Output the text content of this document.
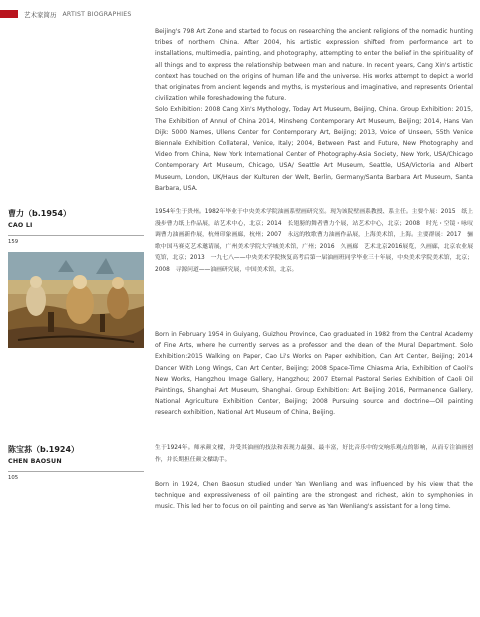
艺术家简历 ARTIST BIOGRAPHIES

Beijing's 798 Art Zone and started to focus on researching the ancient religions of the nomadic hunting tribes of northern China. After 2004, his artistic expression shifted from performance art to installations, multimedia, painting, and photography, attempting to enter the belief in the spirituality of all things and to express the relationship between man and nature. In recent years, Cang Xin's artistic context has touched on the origins of human life and the universe. His works attempt to depict a world that originates from ancient legends and myths, is mysterious and imaginative, and represents Oriental civilization while foreshadowing the future.

Solo Exhibition: 2008 Cang Xin's Mythology, Today Art Museum, Beijing, China. Group Exhibition: 2015, The Exhibition of Annul of China 2014, Minsheng Contemporary Art Museum, Beijing; 2014, Hans Van Dijk: 5000 Names, Ullens Center for Contemporary Art, Beijing; 2013, Voice of Unseen, 55th Venice Biennale Exhibition Collateral, Venice, Italy; 2004, Between Past and Future, New Photography and Video from China, New York International Center of Photography-Asia Society, New York, USA/Chicago Contemporary Art Museum, Chicago, USA/ Seattle Art Museum, Seattle, USA/Victoria and Albert Museum, London, UK/Haus der Kulturen der Welt, Berlin, Germany/Santa Barbara Art Museum, Santa Barbara, USA.

曹力（b.1954）
CAO LI
159

1954年生于贵州。1982年毕业于中央美术学院油画系壁画研究室。现为该院壁画系教授、系主任。主要个展：2015　纸上漫步曹力纸上作品展，站艺术中心，北京；2014　长翅膀的舞者曹力个展，站艺术中心，北京；2008　时光・空镜・咏叹调曹力油画新作展，杭州印象画廊，杭州；2007　永远的牧歌曹力油画作品展，上海美术馆，上海。主要群展：2017　骊歌中国马赛克艺术邀请展，广州美术学院大学城美术馆，广州；2016　久画廊　艺术北京2016展览，久画廊，北京农业展览馆，北京；2013　一九七八——中央美术学院恢复高考后第一届油画班同学毕业三十年展，中央美术学院美术馆，北京；2008　寻源问道——油画研究展，中国美术馆，北京。

Born in February 1954 in Guiyang, Guizhou Province, Cao graduated in 1982 from the Central Academy of Fine Arts, where he currently serves as a professor and the dean of the Mural Department. Solo Exhibition:2015 Walking on Paper, Cao Li's Works on Paper exhibition, Can Art Center, Beijing; 2014 Dancer With Long Wings, Can Art Center, Beijing; 2008 Space-Time Chiasma Aria, Exhibition of Caoli's New Works, Hangzhou Image Gallery, Hangzhou; 2007 Eternal Pastoral Series Exhibition of Caoli Oil Paintings, Shanghai Art Museum, Shanghai. Group Exhibition: Art Beijing 2016, Permanence Gallery, National Agriculture Exhibition Center, Beijing; 2008 Pursuing source and doctrine—Oil painting research exhibition, National Art Museum of China, Beijing.

陈宝荪（b.1924）
CHEN BAOSUN
105

生于1924年。师承颜文樑，并受其油画的技法和表现力最强、最丰富，好比音乐中的交响乐观点的影响，从而专注油画创作，并长期担任颜文樑助手。

Born in 1924, Chen Baosun studied under Yan Wenliang and was influenced by his view that the technique and expressiveness of oil painting are the strongest and richest, akin to symphonies in music. This led her to focus on oil painting and serve as Yan Wenliang's assistant for a long time.
